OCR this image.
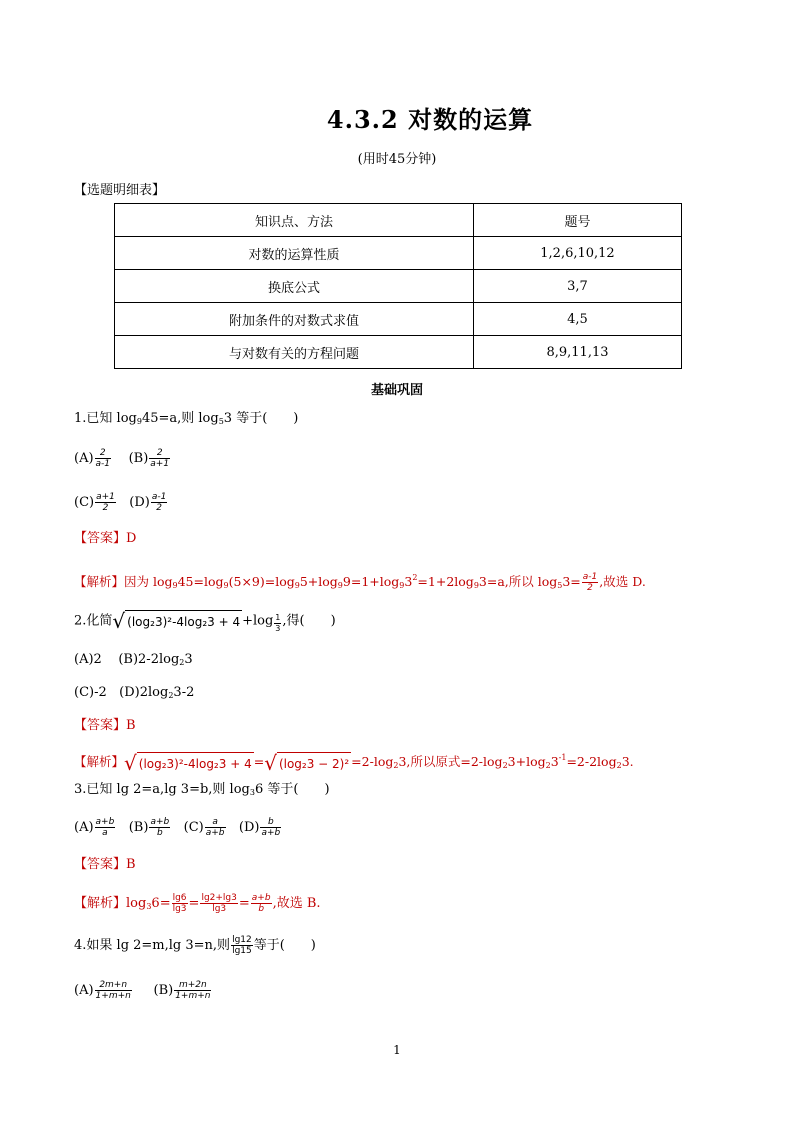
4.3.2 对数的运算
(用时45分钟)
【选题明细表】
知识点、方法	题号
对数的运算性质	1,2,6,10,12
换底公式	3,7
附加条件的对数式求值	4,5
与对数有关的方程问题	8,9,11,13
基础巩固
1.已知 $\log_945=a$,则 $\log_53$ 等于(　　)
$(A) \frac{2}{a-1} (B) \frac{2}{a+1}$
$(C) \frac{a+1}{2} (D) \frac{a-1}{2}$
【答案】D
【解析】因为 $\log_945=\log_9(5\times 9)=\log_95+\log_99=1+\log_93^2=1+2\log_93=a$,所以 $\log_53= \frac{a-1}{2}$ ,故选 D.
2.化简√ $(\log_23)^2-4\log_23 + 4 +\log \frac{1}{3}$ ,得(　　)
(A)2 $(B)2-2\log_23$
(C)-2 $(D)2\log_23-2$
【答案】B
【解析】√ (log₂3)²-4log₂3 + 4 =√ $(\log_23 - 2)^2 =2-\log_23$,所以原式$=2-\log_23+\log_23^{-1}=2-2\log_23$.
3.已知 lg 2=a,lg 3=b,则 $\log_36$ 等于(　　)
$(A) \frac{a+b}{a} (B) \frac{a+b}{b} (C) \frac{a}{a+b} (D) \frac{b}{a+b}$
【答案】B
【解析】$\log_36= \frac{\lg 6}{\lg 3} = \frac{\lg 2+\lg 3}{\lg 3} = \frac{a+b}{b}$ ,故选 B.
4.如果 lg 2=m,lg 3=n,则 $\frac{\lg 12}{\lg 15}$ 等于(　　)
$(A) \frac{2m+n}{1+m+n} (B) \frac{m+2n}{1+m+n}$
1
